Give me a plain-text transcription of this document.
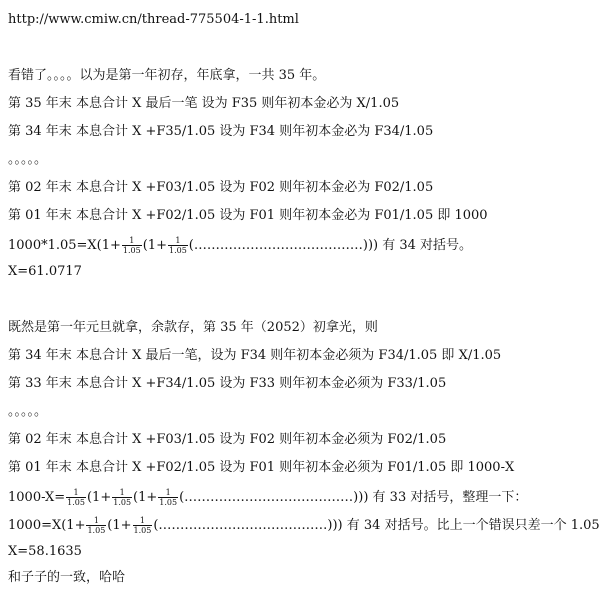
http://www.cmiw.cn/thread-775504-1-1.html
看错了。。。。以为是第一年初存，年底拿，一共 35 年。
第 35 年末 本息合计 X 最后一笔 设为 F35 则年初本金必为 X/1.05
第 34 年末 本息合计 X +F35/1.05 设为 F34 则年初本金必为 F34/1.05
。。。。。
第 02 年末 本息合计 X +F03/1.05 设为 F02 则年初本金必为 F02/1.05
第 01 年末 本息合计 X +F02/1.05 设为 F01 则年初本金必为 F01/1.05 即 1000
$1000*1.05=X(1+ \frac{1}{1.05} (1+ \frac{1}{1.05}$ (…………………………………))) 有 34 对括号。
X=61.0717
既然是第一年元旦就拿，余款存，第 35 年（2052）初拿光，则
第 34 年末 本息合计 X 最后一笔，设为 F34 则年初本金必须为 F34/1.05 即 X/1.05
第 33 年末 本息合计 X +F34/1.05 设为 F33 则年初本金必须为 F33/1.05
。。。。。
第 02 年末 本息合计 X +F03/1.05 设为 F02 则年初本金必须为 F02/1.05
第 01 年末 本息合计 X +F02/1.05 设为 F01 则年初本金必须为 F01/1.05 即 1000-X
$1000-X= \frac{1}{1.05} (1+ \frac{1}{1.05} (1+ \frac{1}{1.05}$ (…………………………………))) 有 33 对括号，整理一下：
$1000=X(1+ \frac{1}{1.05} (1+ \frac{1}{1.05}$ (…………………………………))) 有 34 对括号。比上一个错误只差一个 1.05
X=58.1635
和子子的一致，哈哈
